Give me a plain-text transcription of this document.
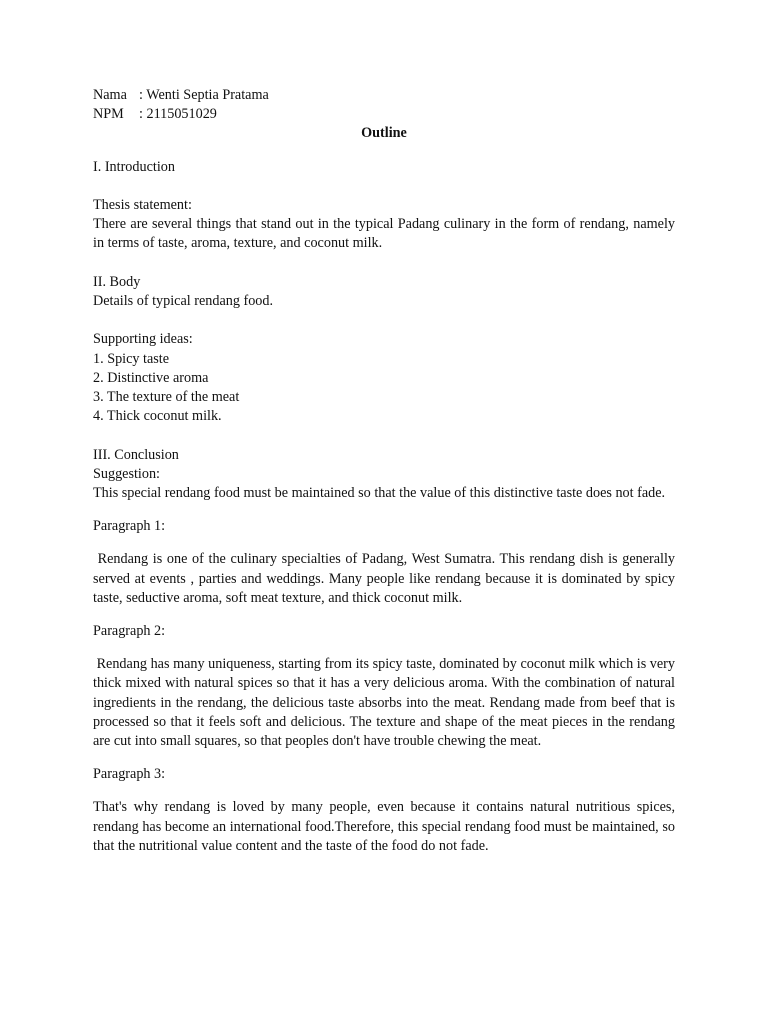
Nama : Wenti Septia Pratama
NPM	: 2115051029

Outline

I. Introduction

Thesis statement:

There are several things that stand out in the typical Padang culinary in the form of rendang, namely in terms of taste, aroma, texture, and coconut milk.

II. Body

Details of typical rendang food.

Supporting ideas:

1. Spicy taste

2. Distinctive aroma

3. The texture of the meat

4. Thick coconut milk.

III. Conclusion

Suggestion:

This special rendang food must be maintained so that the value of this distinctive taste does not fade.

Paragraph 1:

Rendang is one of the culinary specialties of Padang, West Sumatra. This rendang dish is generally served at events , parties and weddings. Many people like rendang because it is dominated by spicy taste, seductive aroma, soft meat texture, and thick coconut milk.

Paragraph 2:

Rendang has many uniqueness, starting from its spicy taste, dominated by coconut milk which is very thick mixed with natural spices so that it has a very delicious aroma. With the combination of natural ingredients in the rendang, the delicious taste absorbs into the meat. Rendang made from beef that is processed so that it feels soft and delicious. The texture and shape of the meat pieces in the rendang are cut into small squares, so that peoples don't have trouble chewing the meat.

Paragraph 3:

That's why rendang is loved by many people, even because it contains natural nutritious spices, rendang has become an international food.Therefore, this special rendang food must be maintained, so that the nutritional value content and the taste of the food do not fade.
